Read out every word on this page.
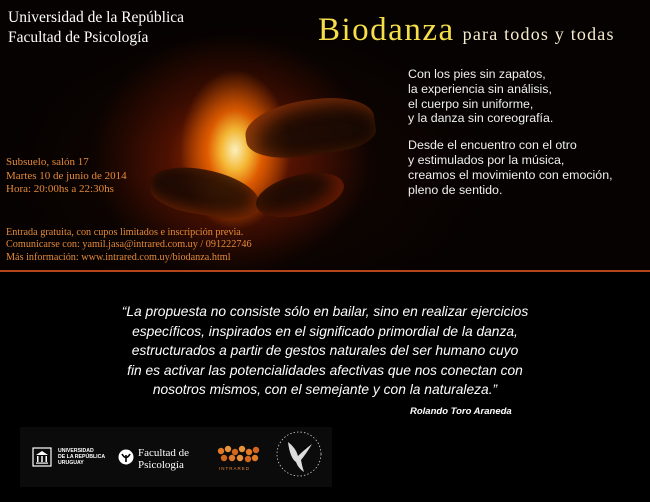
Universidad de la República
Facultad de Psicología	Biodanza para todos y todas
Con los pies sin zapatos,
la experiencia sin análisis,
el cuerpo sin uniforme,
y la danza sin coreografía.
Desde el encuentro con el otro
y estimulados por la música,
creamos el movimiento con emoción,
pleno de sentido.
Subsuelo, salón 17
Martes 10 de junio de 2014
Hora: 20:00hs a 22:30hs
Entrada gratuita, con cupos limitados e inscripción previa.
Comunicarse con: yamil.jasa@intrared.com.uy / 091222746
Más información: www.intrared.com.uy/biodanza.html
“La propuesta no consiste sólo en bailar, sino en realizar ejercicios
específicos, inspirados en el significado primordial de la danza,
estructurados a partir de gestos naturales del ser humano cuyo
fin es activar las potencialidades afectivas que nos conectan con
nosotros mismos, con el semejante y con la naturaleza.”
Rolando Toro Araneda
UNIVERSIDAD
DE LA REPÚBLICA
URUGUAY
Facultad de
Psicología	INTRARED
